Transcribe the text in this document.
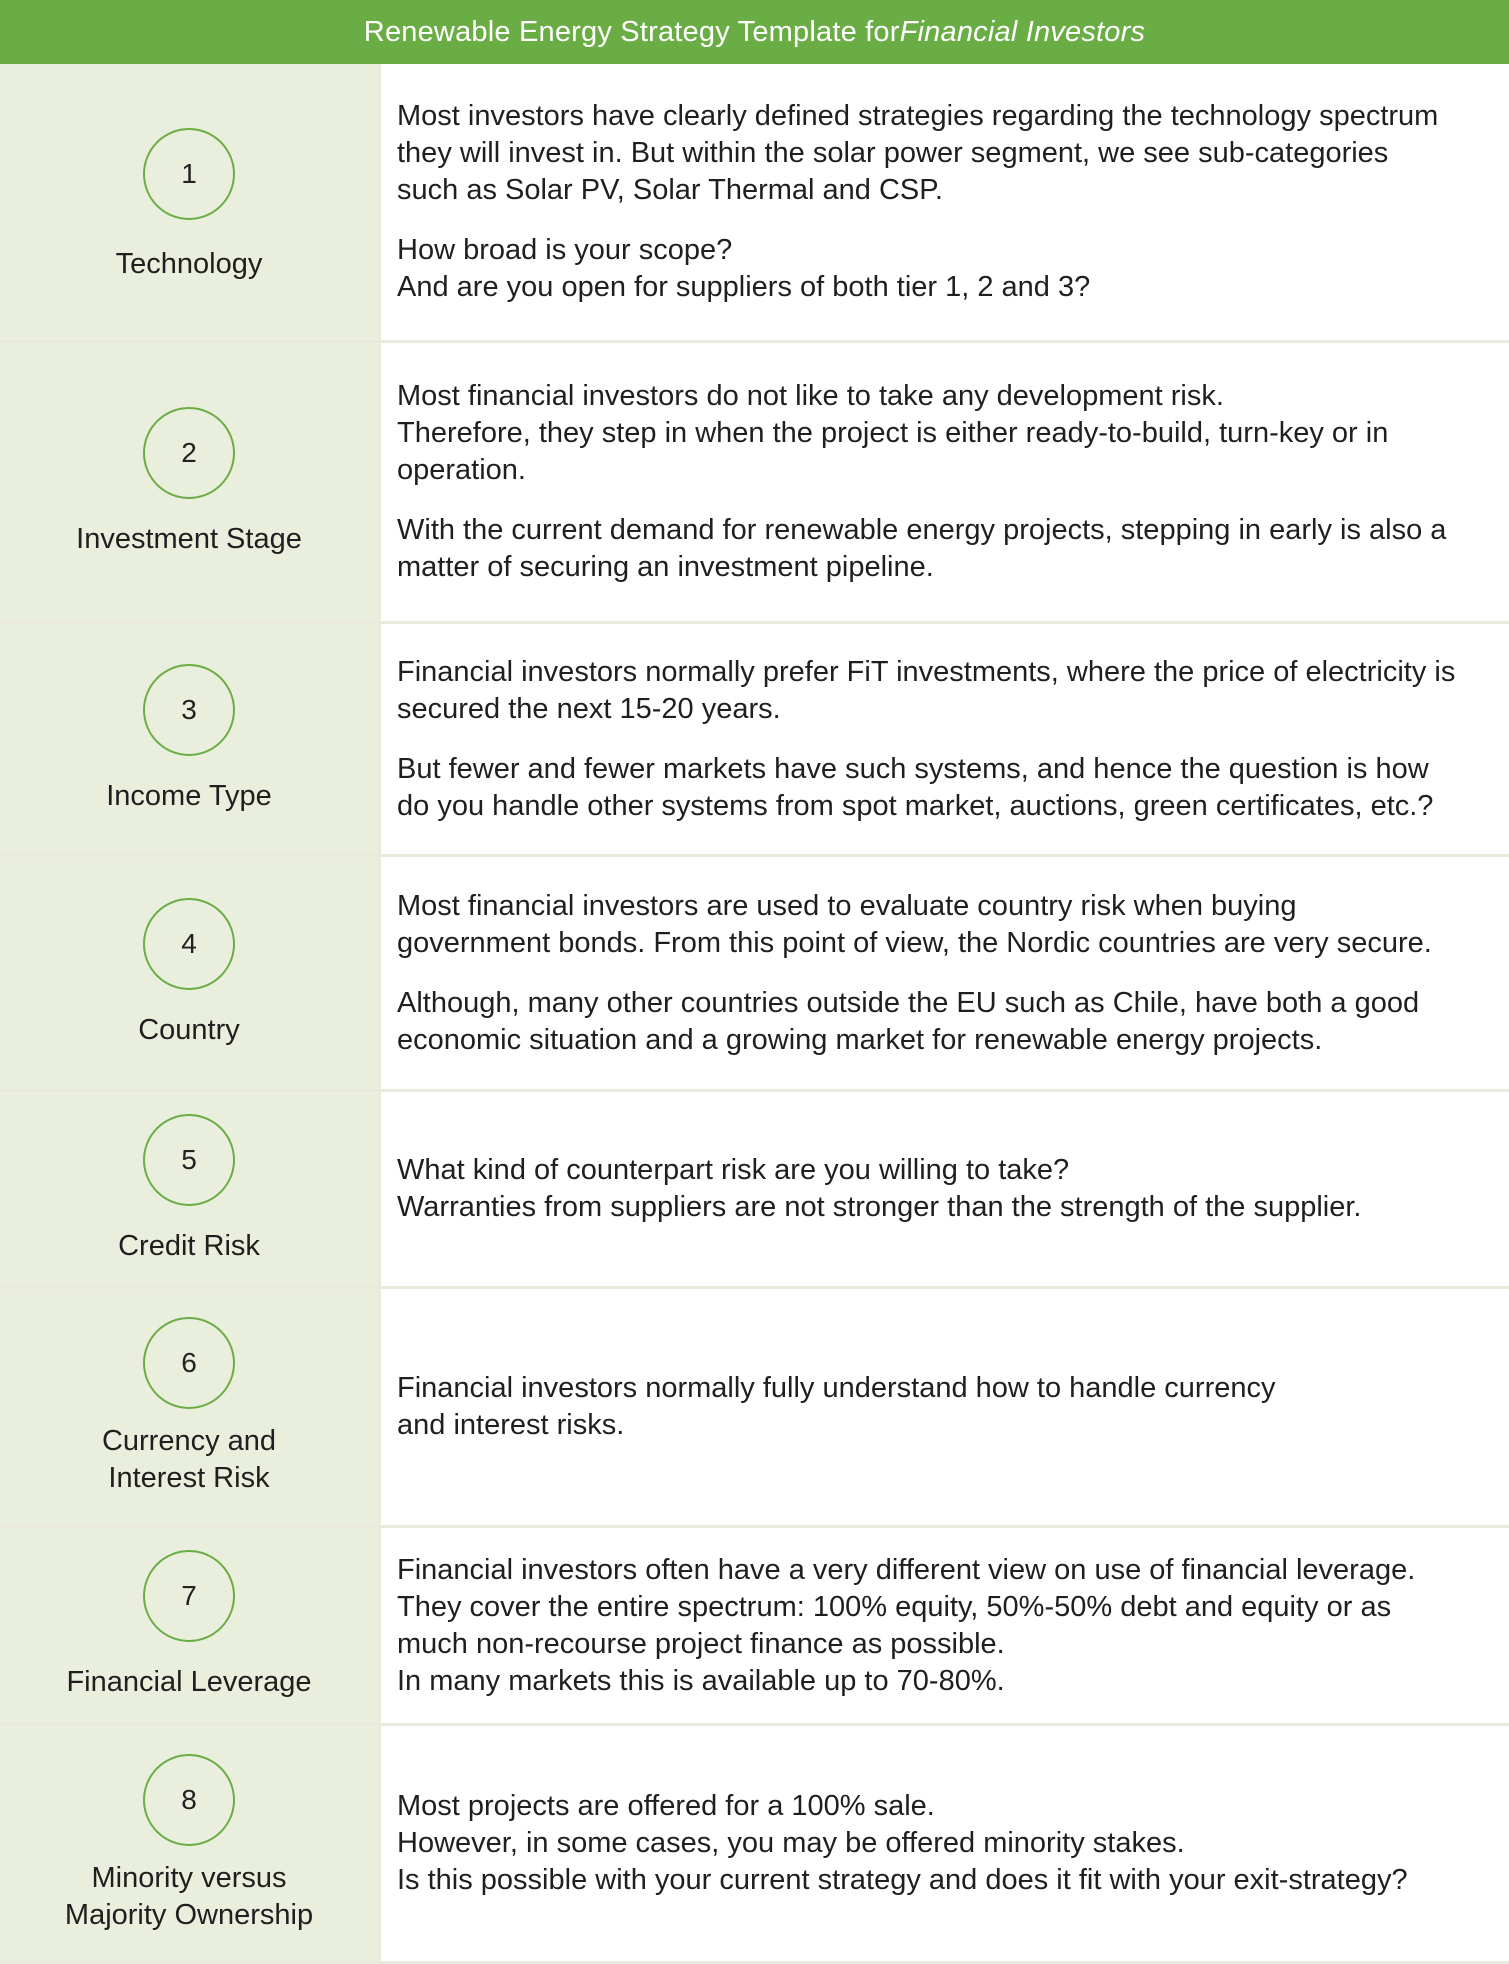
Renewable Energy Strategy Template for Financial Investors
1
Technology

Most investors have clearly defined strategies regarding the technology spectrum
they will invest in. But within the solar power segment, we see sub-categories
such as Solar PV, Solar Thermal and CSP.

How broad is your scope?
And are you open for suppliers of both tier 1, 2 and 3?

2
Investment Stage

Most financial investors do not like to take any development risk.
Therefore, they step in when the project is either ready-to-build, turn-key or in
operation.

With the current demand for renewable energy projects, stepping in early is also a
matter of securing an investment pipeline.

3
Income Type

Financial investors normally prefer FiT investments, where the price of electricity is
secured the next 15-20 years.

But fewer and fewer markets have such systems, and hence the question is how
do you handle other systems from spot market, auctions, green certificates, etc.?

4
Country

Most financial investors are used to evaluate country risk when buying
government bonds. From this point of view, the Nordic countries are very secure.

Although, many other countries outside the EU such as Chile, have both a good
economic situation and a growing market for renewable energy projects.

5
Credit Risk

What kind of counterpart risk are you willing to take?
Warranties from suppliers are not stronger than the strength of the supplier.

6
Currency and
Interest Risk

Financial investors normally fully understand how to handle currency
and interest risks.

7
Financial Leverage

Financial investors often have a very different view on use of financial leverage.
They cover the entire spectrum: 100% equity, 50%-50% debt and equity or as
much non-recourse project finance as possible.
In many markets this is available up to 70-80%.

8
Minority versus
Majority Ownership

Most projects are offered for a 100% sale.
However, in some cases, you may be offered minority stakes.
Is this possible with your current strategy and does it fit with your exit-strategy?
